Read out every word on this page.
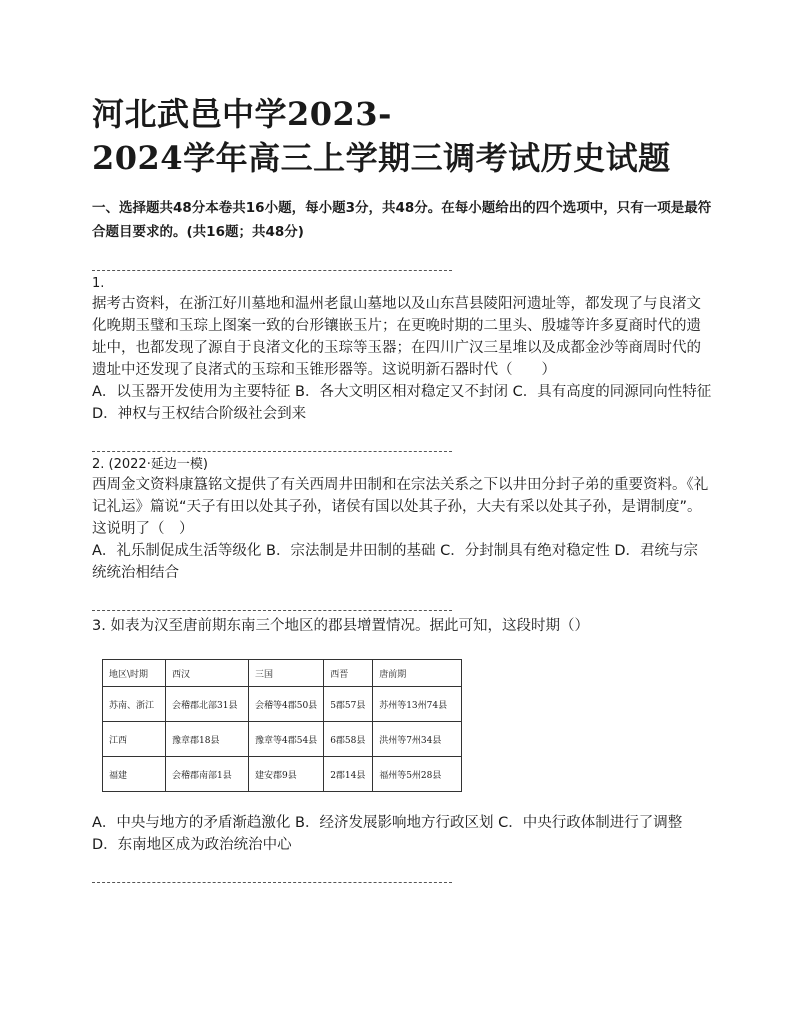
河北武邑中学2023-
2024学年高三上学期三调考试历史试题
一、选择题共48分本卷共16小题，每小题3分，共48分。在每小题给出的四个选项中，只有一项是最符合题目要求的。(共16题；共48分)
1.

据考古资料，在浙江好川墓地和温州老鼠山墓地以及山东莒县陵阳河遗址等，都发现了与良渚文化晚期玉璧和玉琮上图案一致的台形镶嵌玉片；在更晚时期的二里头、殷墟等许多夏商时代的遗址中，也都发现了源自于良渚文化的玉琮等玉器；在四川广汉三星堆以及成都金沙等商周时代的遗址中还发现了良渚式的玉琮和玉锥形器等。这说明新石器时代（　　）

A．以玉器开发使用为主要特征 B．各大文明区相对稳定又不封闭 C．具有高度的同源同向性特征 D．神权与王权结合阶级社会到来

2. (2022·延边一模)

西周金文资料康簋铭文提供了有关西周井田制和在宗法关系之下以井田分封子弟的重要资料。《礼记礼运》篇说“天子有田以处其子孙，诸侯有国以处其子孙，大夫有采以处其子孙，是谓制度”。这说明了（　）

A．礼乐制促成生活等级化 B．宗法制是井田制的基础 C．分封制具有绝对稳定性 D．君统与宗统统治相结合

3. 如表为汉至唐前期东南三个地区的郡县增置情况。据此可知，这段时期（）

地区\时期	西汉	三国	西晋	唐前期
苏南、浙江	会稽郡北部31县	会稽等4郡50县	5郡57县	苏州等13州74县
江西	豫章郡18县	豫章等4郡54县	6郡58县	洪州等7州34县
福建	会稽郡南部1县	建安郡9县	2郡14县	福州等5州28县

A．中央与地方的矛盾渐趋激化 B．经济发展影响地方行政区划 C．中央行政体制进行了调整 D．东南地区成为政治统治中心
